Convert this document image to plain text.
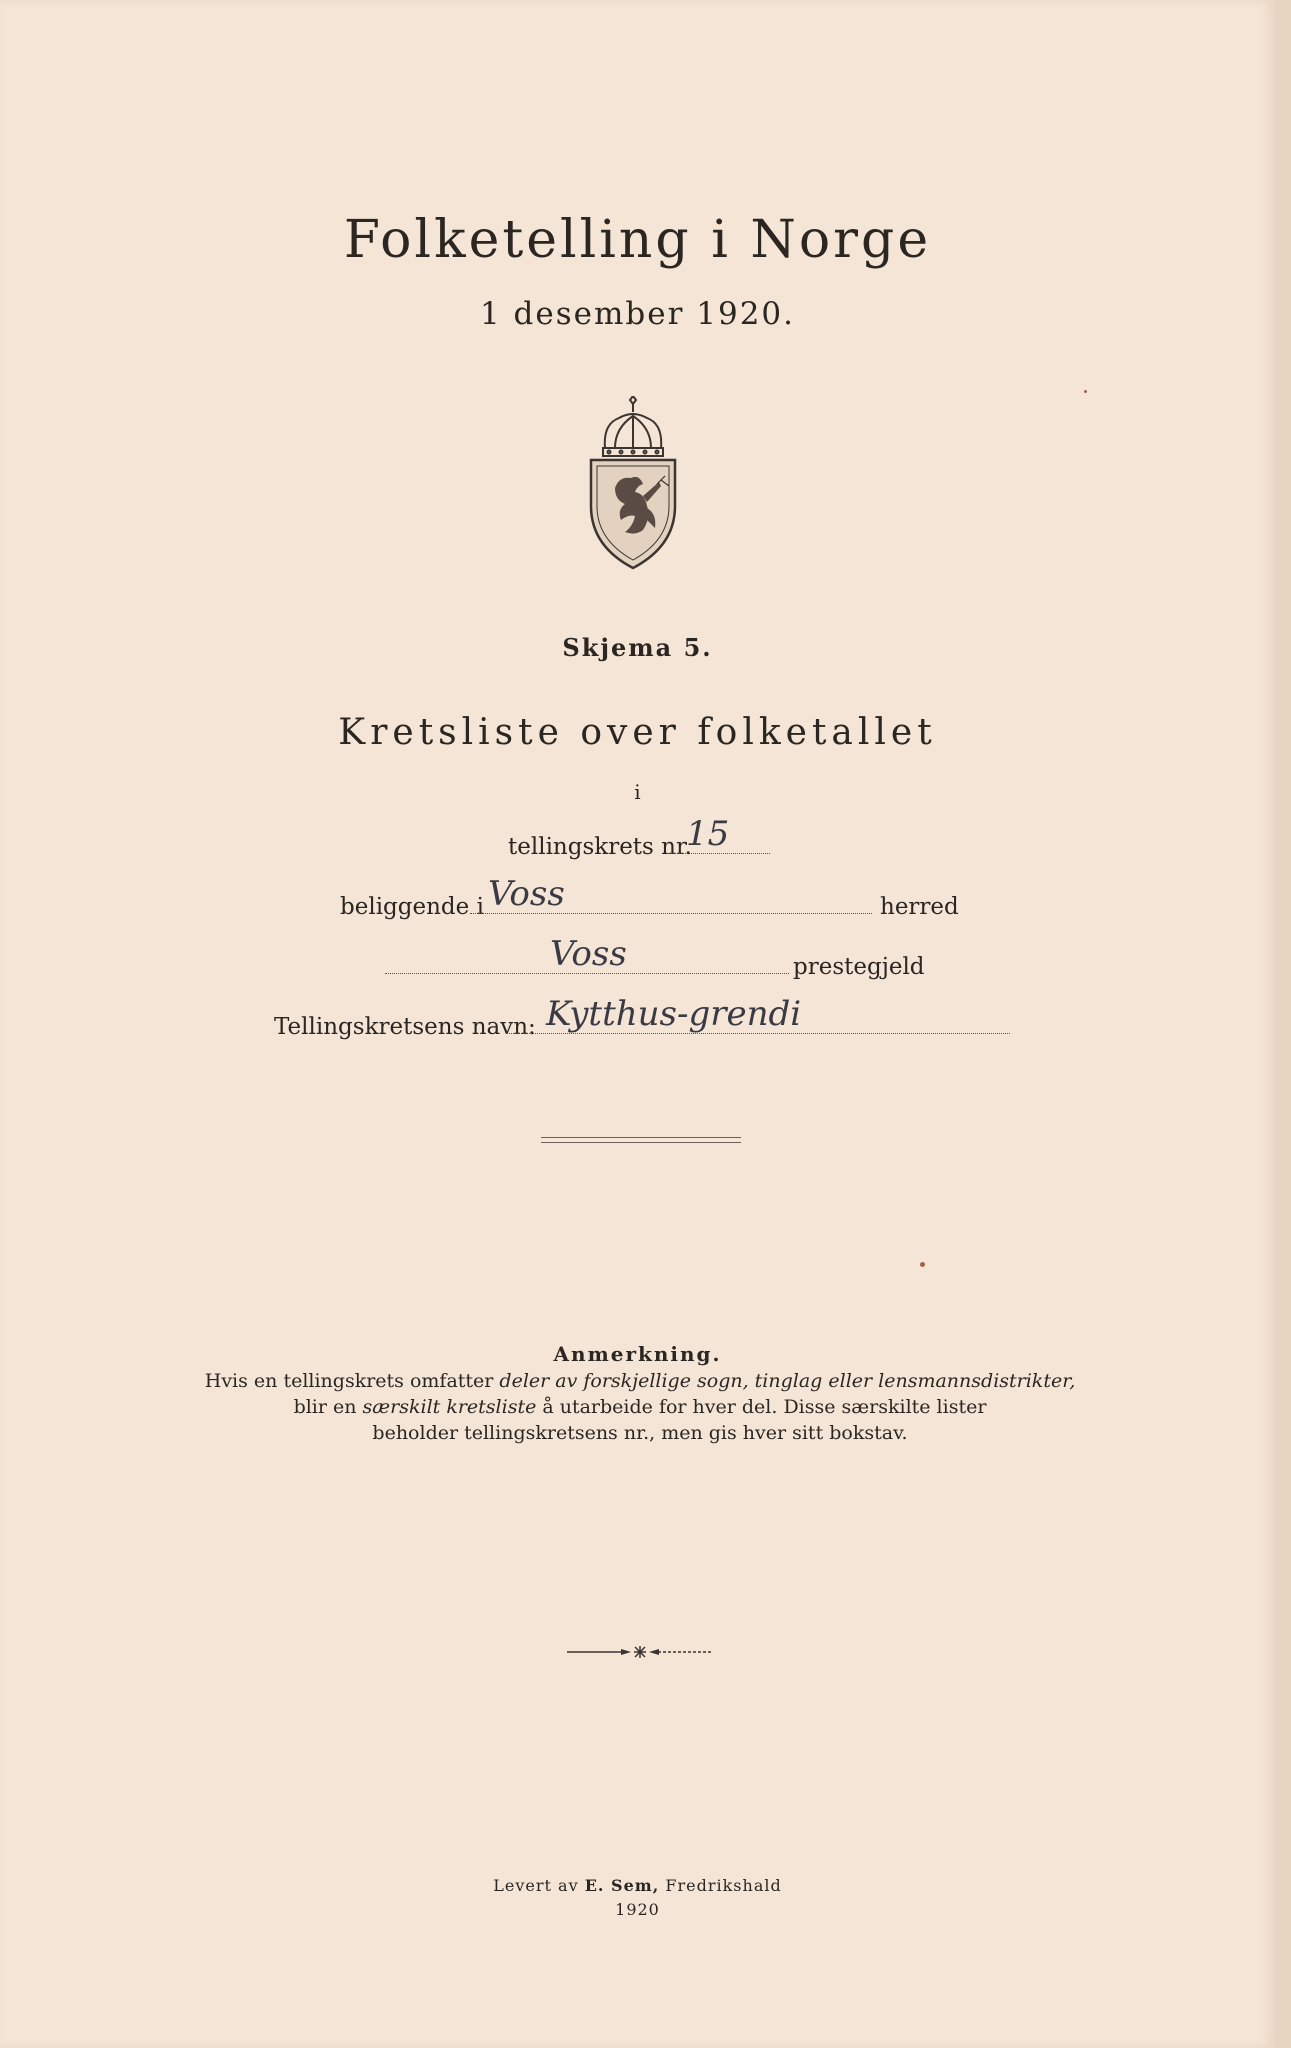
Folketelling i Norge
1 desember 1920.
Skjema 5.
Kretsliste over folketallet
i
tellingskrets nr.
15
beliggende i Voss	herred
Voss	prestegjeld
Tellingskretsens navn: Kytthus-grendi
Anmerkning.
Hvis en tellingskrets omfatter deler av forskjellige sogn, tinglag eller lensmannsdistrikter,
blir en særskilt kretsliste å utarbeide for hver del. Disse særskilte lister
beholder tellingskretsens nr., men gis hver sitt bokstav.
Levert av E. Sem, Fredrikshald
1920
